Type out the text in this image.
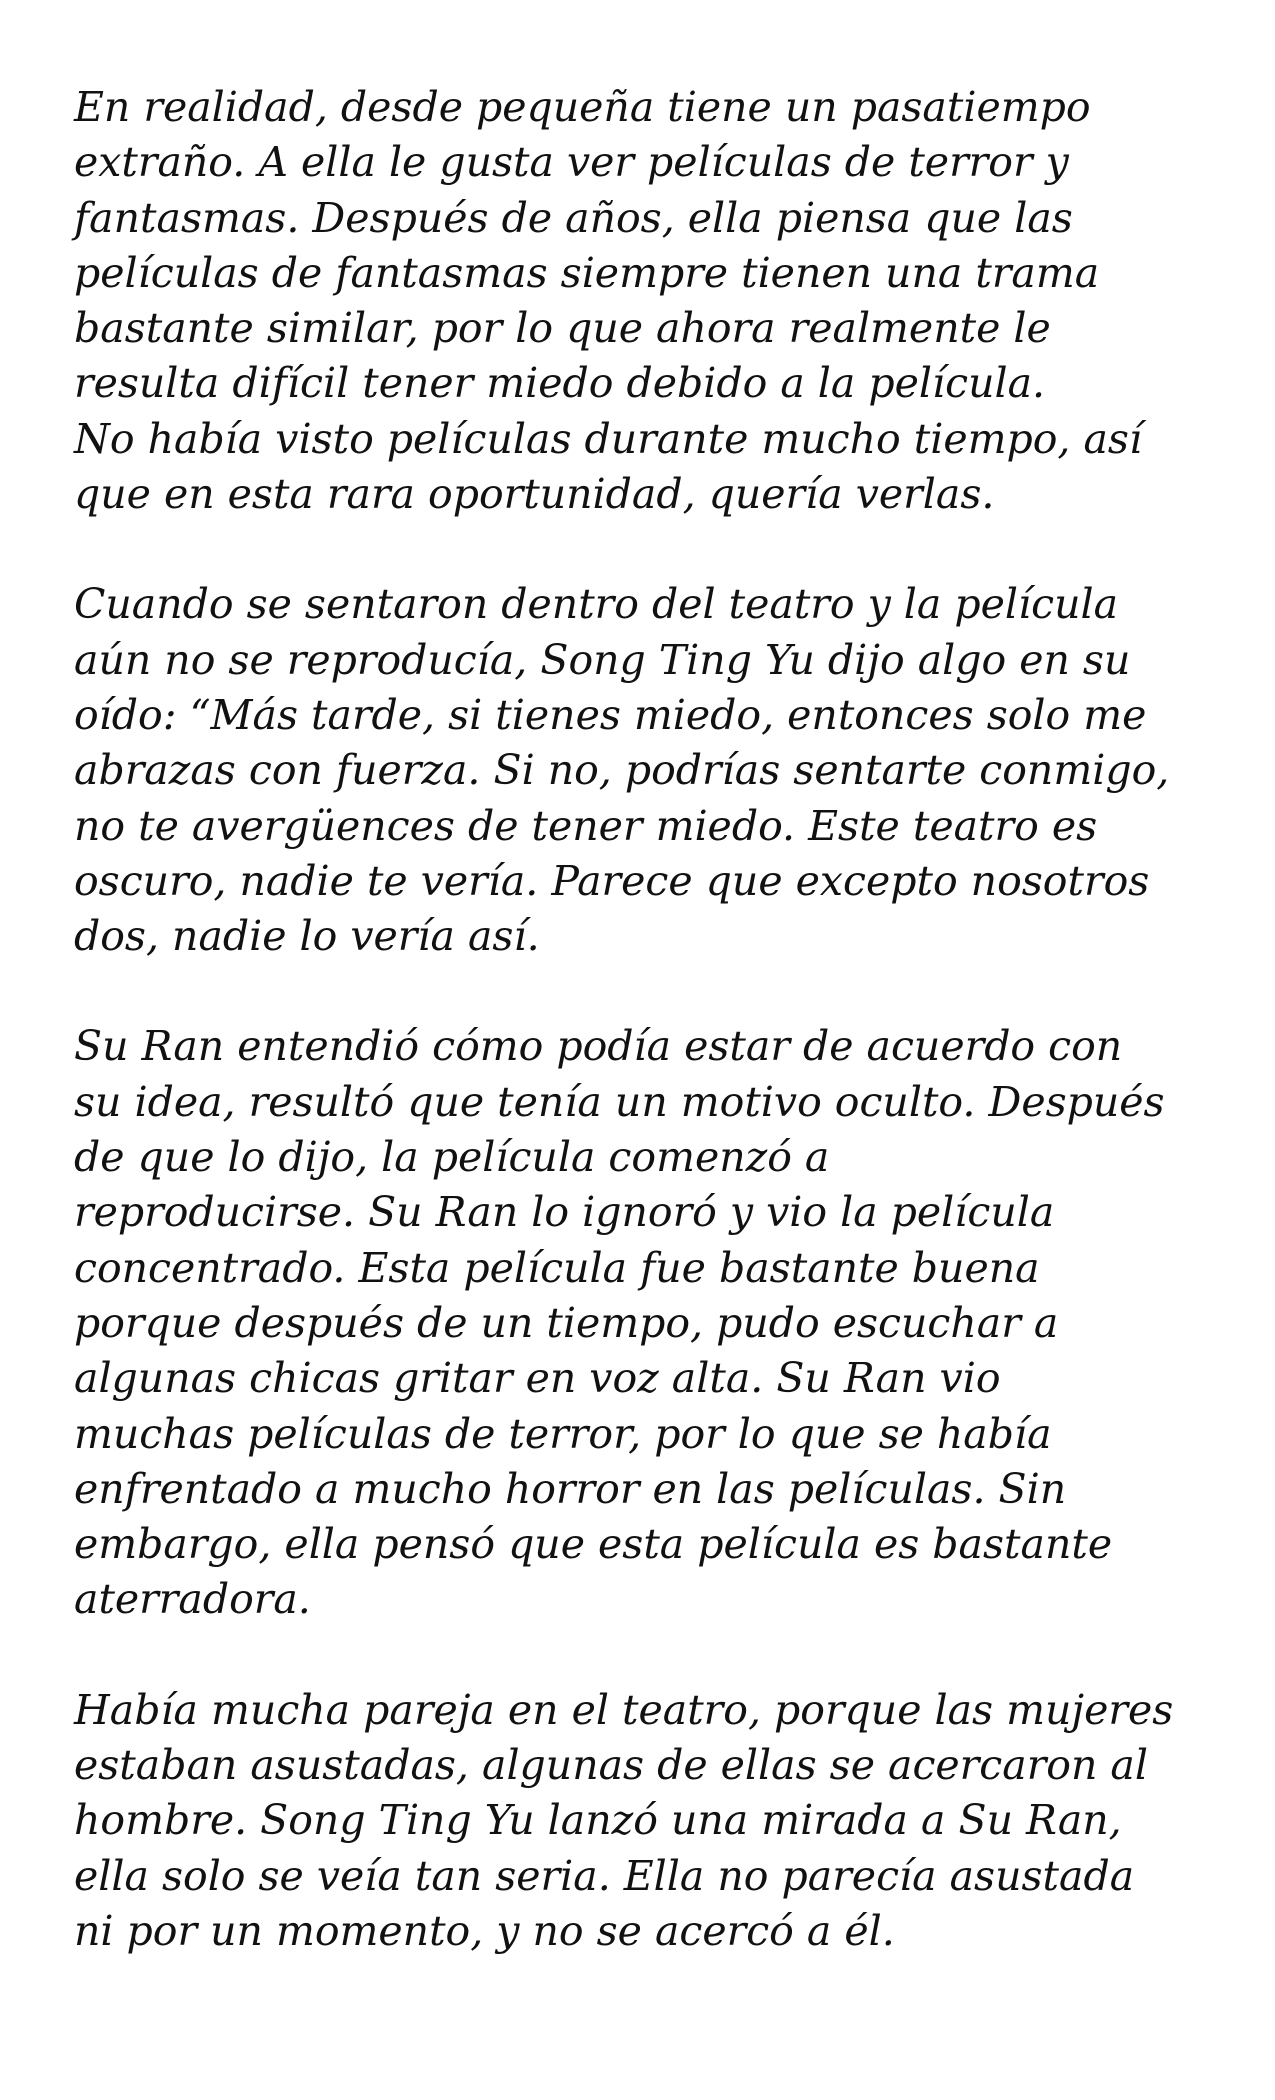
En realidad, desde pequeña tiene un pasatiempo
extraño. A ella le gusta ver películas de terror y
fantasmas. Después de años, ella piensa que las
películas de fantasmas siempre tienen una trama
bastante similar, por lo que ahora realmente le
resulta difícil tener miedo debido a la película.
No había visto películas durante mucho tiempo, así
que en esta rara oportunidad, quería verlas.

Cuando se sentaron dentro del teatro y la película
aún no se reproducía, Song Ting Yu dijo algo en su
oído: “Más tarde, si tienes miedo, entonces solo me
abrazas con fuerza. Si no, podrías sentarte conmigo,
no te avergüences de tener miedo. Este teatro es
oscuro, nadie te vería. Parece que excepto nosotros
dos, nadie lo vería así.

Su Ran entendió cómo podía estar de acuerdo con
su idea, resultó que tenía un motivo oculto. Después
de que lo dijo, la película comenzó a
reproducirse. Su Ran lo ignoró y vio la película
concentrado. Esta película fue bastante buena
porque después de un tiempo, pudo escuchar a
algunas chicas gritar en voz alta. Su Ran vio
muchas películas de terror, por lo que se había
enfrentado a mucho horror en las películas. Sin
embargo, ella pensó que esta película es bastante
aterradora.

Había mucha pareja en el teatro, porque las mujeres
estaban asustadas, algunas de ellas se acercaron al
hombre. Song Ting Yu lanzó una mirada a Su Ran,
ella solo se veía tan seria. Ella no parecía asustada
ni por un momento, y no se acercó a él.
